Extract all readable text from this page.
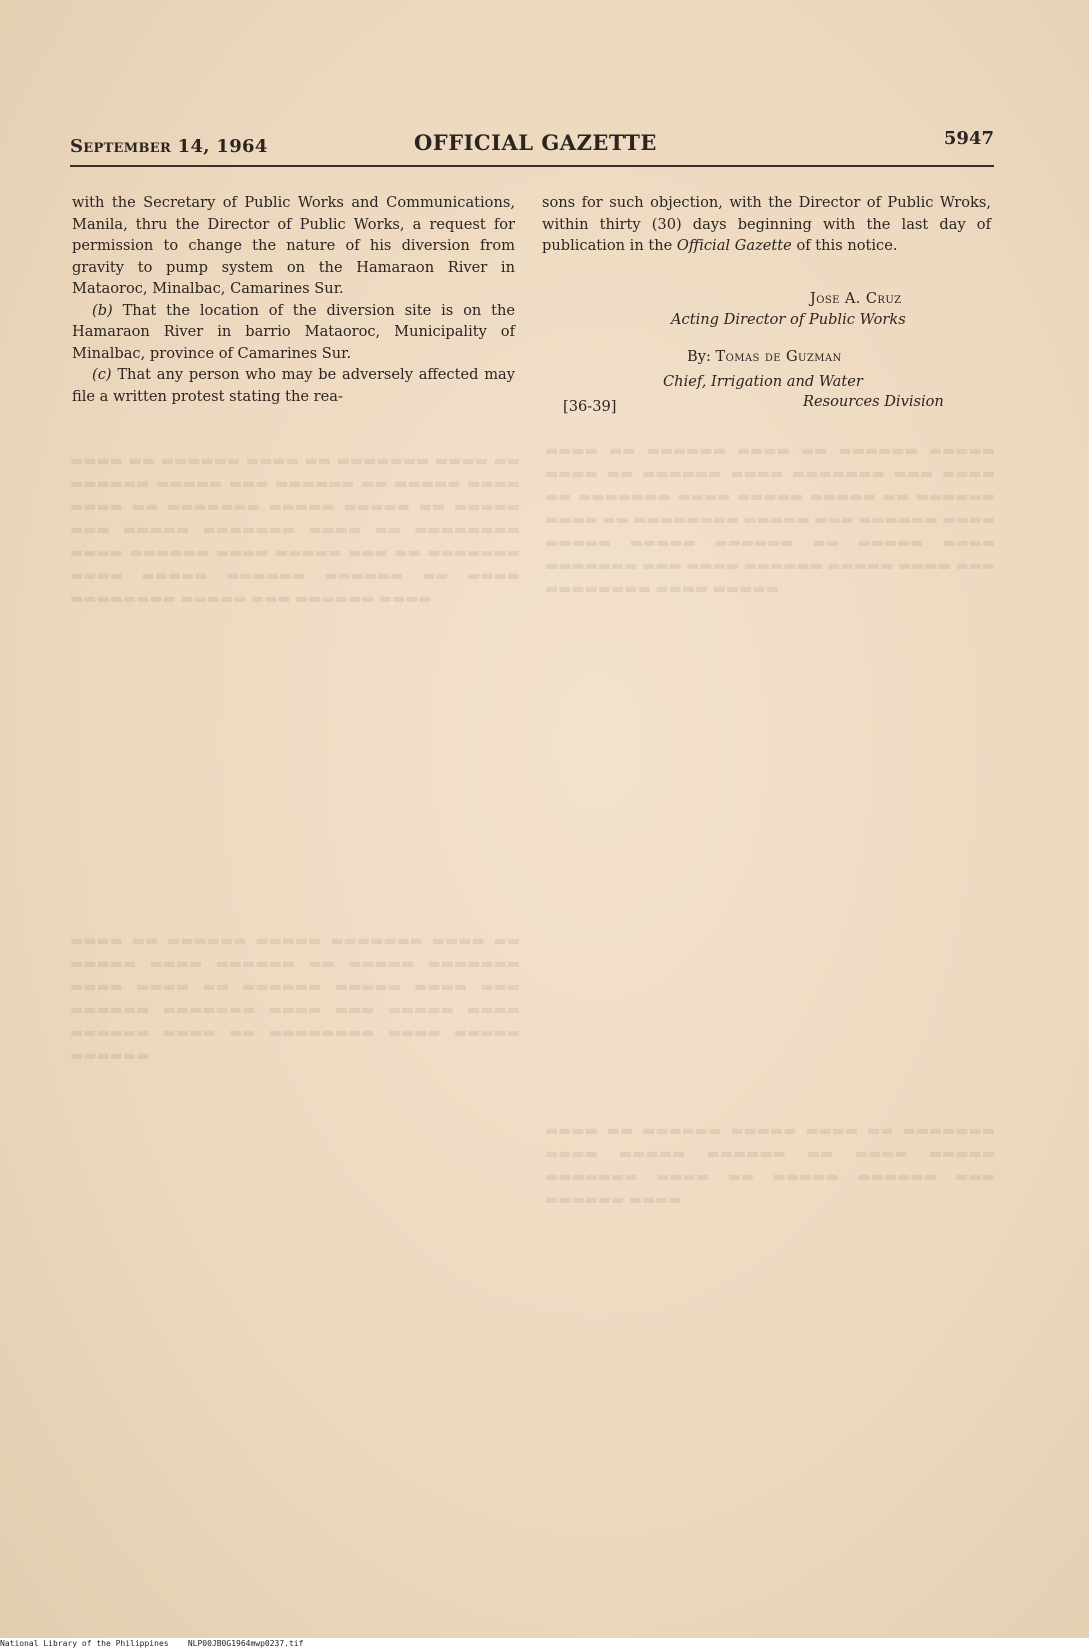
▬▬▬▬ ▬▬ ▬▬▬▬▬▬ ▬▬▬▬ ▬▬ ▬▬▬▬▬▬▬ ▬▬▬▬ ▬▬ ▬▬▬▬▬▬ ▬▬▬▬▬ ▬▬▬ ▬▬▬▬▬▬ ▬▬ ▬▬▬▬▬ ▬▬▬▬ ▬▬▬▬ ▬▬ ▬▬▬▬▬▬▬ ▬▬▬▬▬ ▬▬▬▬▬ ▬▬ ▬▬▬▬▬ ▬▬▬ ▬▬▬▬▬ ▬▬▬▬▬▬▬ ▬▬▬▬ ▬▬ ▬▬▬▬▬▬▬▬ ▬▬▬▬ ▬▬▬▬▬▬ ▬▬▬▬ ▬▬▬▬▬ ▬▬▬ ▬▬ ▬▬▬▬▬▬▬ ▬▬▬▬ ▬▬▬▬▬ ▬▬▬▬▬▬ ▬▬▬▬▬▬ ▬▬ ▬▬▬▬ ▬▬▬▬▬▬▬▬ ▬▬▬▬▬ ▬▬▬ ▬▬▬▬▬▬ ▬▬▬▬
▬▬▬▬ ▬▬ ▬▬▬▬▬▬ ▬▬▬▬▬ ▬▬▬▬▬▬▬ ▬▬▬▬ ▬▬ ▬▬▬▬▬ ▬▬▬▬ ▬▬▬▬▬▬ ▬▬ ▬▬▬▬▬ ▬▬▬▬▬▬▬ ▬▬▬▬ ▬▬▬▬ ▬▬ ▬▬▬▬▬▬ ▬▬▬▬▬ ▬▬▬▬ ▬▬▬ ▬▬▬▬▬▬ ▬▬▬▬▬▬▬ ▬▬▬▬ ▬▬▬ ▬▬▬▬▬ ▬▬▬▬ ▬▬▬▬▬▬ ▬▬▬▬ ▬▬ ▬▬▬▬▬▬▬▬ ▬▬▬▬ ▬▬▬▬▬ ▬▬▬▬▬▬
▬▬▬▬ ▬▬ ▬▬▬▬▬▬ ▬▬▬▬ ▬▬ ▬▬▬▬▬▬ ▬▬▬▬▬ ▬▬▬▬ ▬▬ ▬▬▬▬▬▬ ▬▬▬▬ ▬▬▬▬▬▬▬ ▬▬▬ ▬▬▬▬ ▬▬ ▬▬▬▬▬▬▬ ▬▬▬▬ ▬▬▬▬▬ ▬▬▬▬▬ ▬▬ ▬▬▬▬▬▬ ▬▬▬▬ ▬▬ ▬▬▬▬▬▬▬▬ ▬▬▬▬▬ ▬▬▬ ▬▬▬▬▬▬ ▬▬▬▬ ▬▬▬▬▬ ▬▬▬▬▬ ▬▬▬▬▬▬ ▬▬ ▬▬▬▬▬ ▬▬▬▬ ▬▬▬▬▬▬▬ ▬▬▬ ▬▬▬▬ ▬▬▬▬▬▬ ▬▬▬▬▬ ▬▬▬▬ ▬▬▬ ▬▬▬▬▬▬▬▬ ▬▬▬▬ ▬▬▬▬▬
▬▬▬▬ ▬▬ ▬▬▬▬▬▬ ▬▬▬▬▬ ▬▬▬▬ ▬▬ ▬▬▬▬▬▬▬ ▬▬▬▬ ▬▬▬▬▬ ▬▬▬▬▬▬ ▬▬ ▬▬▬▬ ▬▬▬▬▬ ▬▬▬▬▬▬▬ ▬▬▬▬ ▬▬ ▬▬▬▬▬ ▬▬▬▬▬▬ ▬▬▬ ▬▬▬▬▬▬ ▬▬▬▬
September 14, 1964	OFFICIAL GAZETTE	5947

with the Secretary of Public Works and Communications, Manila, thru the Director of Public Works, a request for permission to change the nature of his diversion from gravity to pump system on the Hamaraon River in Mataoroc, Minalbac, Camarines Sur.

(b) That the location of the diversion site is on the Hamaraon River in barrio Mataoroc, Municipality of Minalbac, province of Camarines Sur.

(c) That any person who may be adversely affected may file a written protest stating the rea-

sons for such objection, with the Director of Public Wroks, within thirty (30) days beginning with the last day of publication in the Official Gazette of this notice.

Jose A. Cruz
Acting Director of Public Works
By: Tomas de Guzman
Chief, Irrigation and Water
Resources Division
[36-39]
National Library of the Philippines NLP00JB0G1964mwp0237.tif
